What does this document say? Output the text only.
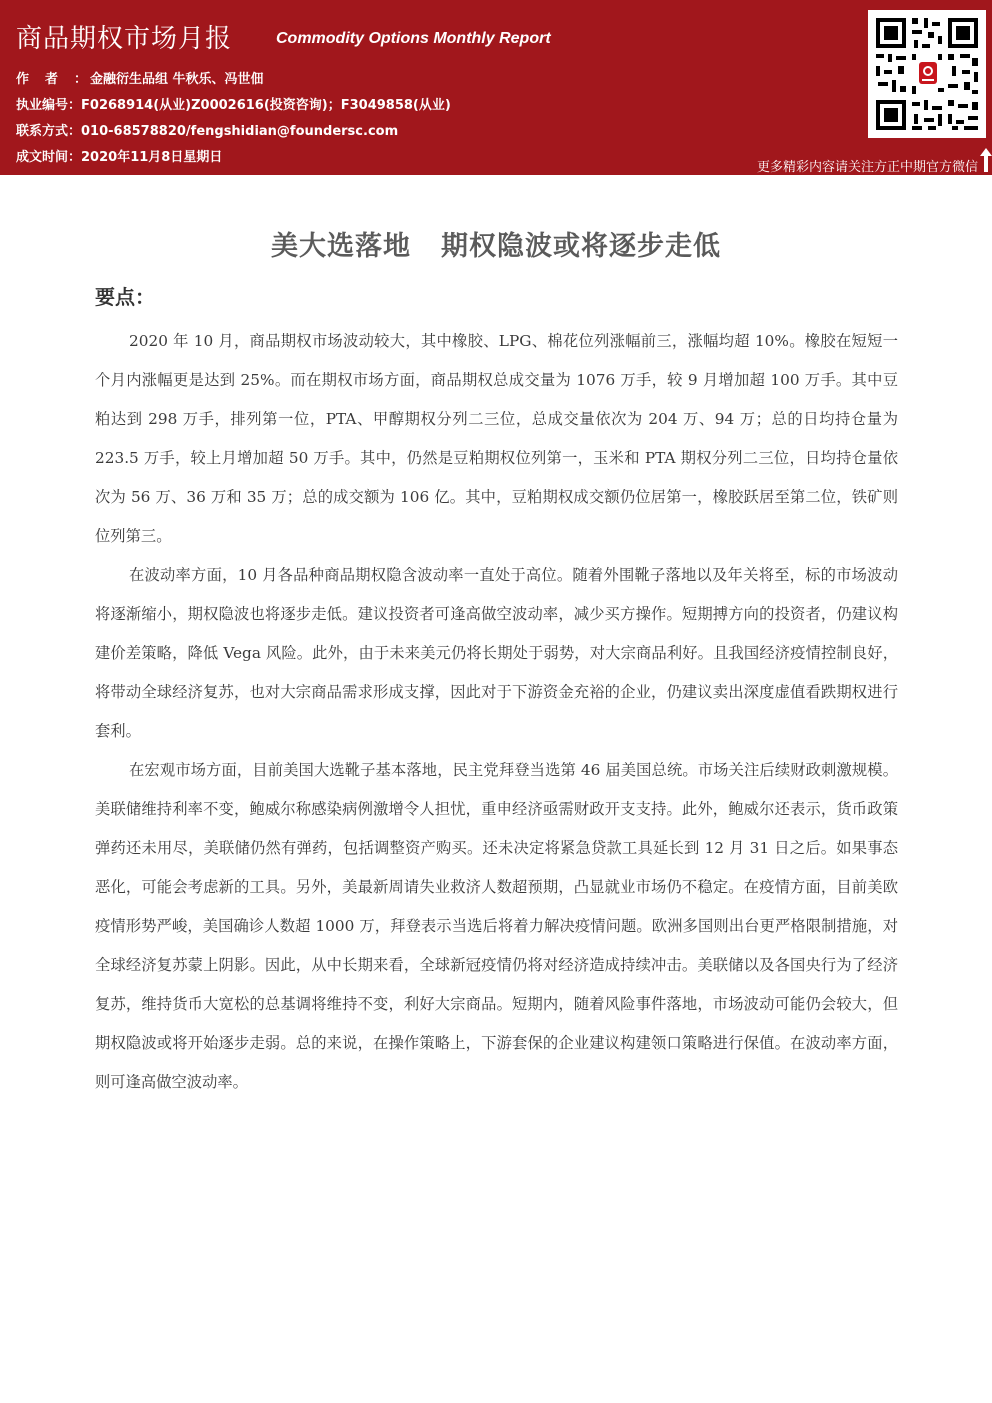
商品期权市场月报	Commodity Options Monthly Report
作者：金融衍生品组 牛秋乐、冯世佃
执业编号：F0268914(从业)Z0002616(投资咨询)；F3049858(从业)
联系方式：010-68578820/fengshidian@foundersc.com
成文时间：2020年11月8日星期日
更多精彩内容请关注方正中期官方微信
美大选落地 期权隐波或将逐步走低
要点：

2020 年 10 月，商品期权市场波动较大，其中橡胶、LPG、棉花位列涨幅前三，涨幅均超 10%。橡胶在短短一个月内涨幅更是达到 25%。而在期权市场方面，商品期权总成交量为 1076 万手，较 9 月增加超 100 万手。其中豆粕达到 298 万手，排列第一位，PTA、甲醇期权分列二三位，总成交量依次为 204 万、94 万；总的日均持仓量为 223.5 万手，较上月增加超 50 万手。其中，仍然是豆粕期权位列第一，玉米和 PTA 期权分列二三位，日均持仓量依次为 56 万、36 万和 35 万；总的成交额为 106 亿。其中，豆粕期权成交额仍位居第一，橡胶跃居至第二位，铁矿则位列第三。

在波动率方面，10 月各品种商品期权隐含波动率一直处于高位。随着外围靴子落地以及年关将至，标的市场波动将逐渐缩小，期权隐波也将逐步走低。建议投资者可逢高做空波动率，减少买方操作。短期搏方向的投资者，仍建议构建价差策略，降低 Vega 风险。此外，由于未来美元仍将长期处于弱势，对大宗商品利好。且我国经济疫情控制良好，将带动全球经济复苏，也对大宗商品需求形成支撑，因此对于下游资金充裕的企业，仍建议卖出深度虚值看跌期权进行套利。

在宏观市场方面，目前美国大选靴子基本落地，民主党拜登当选第 46 届美国总统。市场关注后续财政刺激规模。美联储维持利率不变，鲍威尔称感染病例激增令人担忧，重申经济亟需财政开支支持。此外，鲍威尔还表示，货币政策弹药还未用尽，美联储仍然有弹药，包括调整资产购买。还未决定将紧急贷款工具延长到 12 月 31 日之后。如果事态恶化，可能会考虑新的工具。另外，美最新周请失业救济人数超预期，凸显就业市场仍不稳定。在疫情方面，目前美欧疫情形势严峻，美国确诊人数超 1000 万，拜登表示当选后将着力解决疫情问题。欧洲多国则出台更严格限制措施，对全球经济复苏蒙上阴影。因此，从中长期来看，全球新冠疫情仍将对经济造成持续冲击。美联储以及各国央行为了经济复苏，维持货币大宽松的总基调将维持不变，利好大宗商品。短期内，随着风险事件落地，市场波动可能仍会较大，但期权隐波或将开始逐步走弱。总的来说，在操作策略上，下游套保的企业建议构建领口策略进行保值。在波动率方面，则可逢高做空波动率。
